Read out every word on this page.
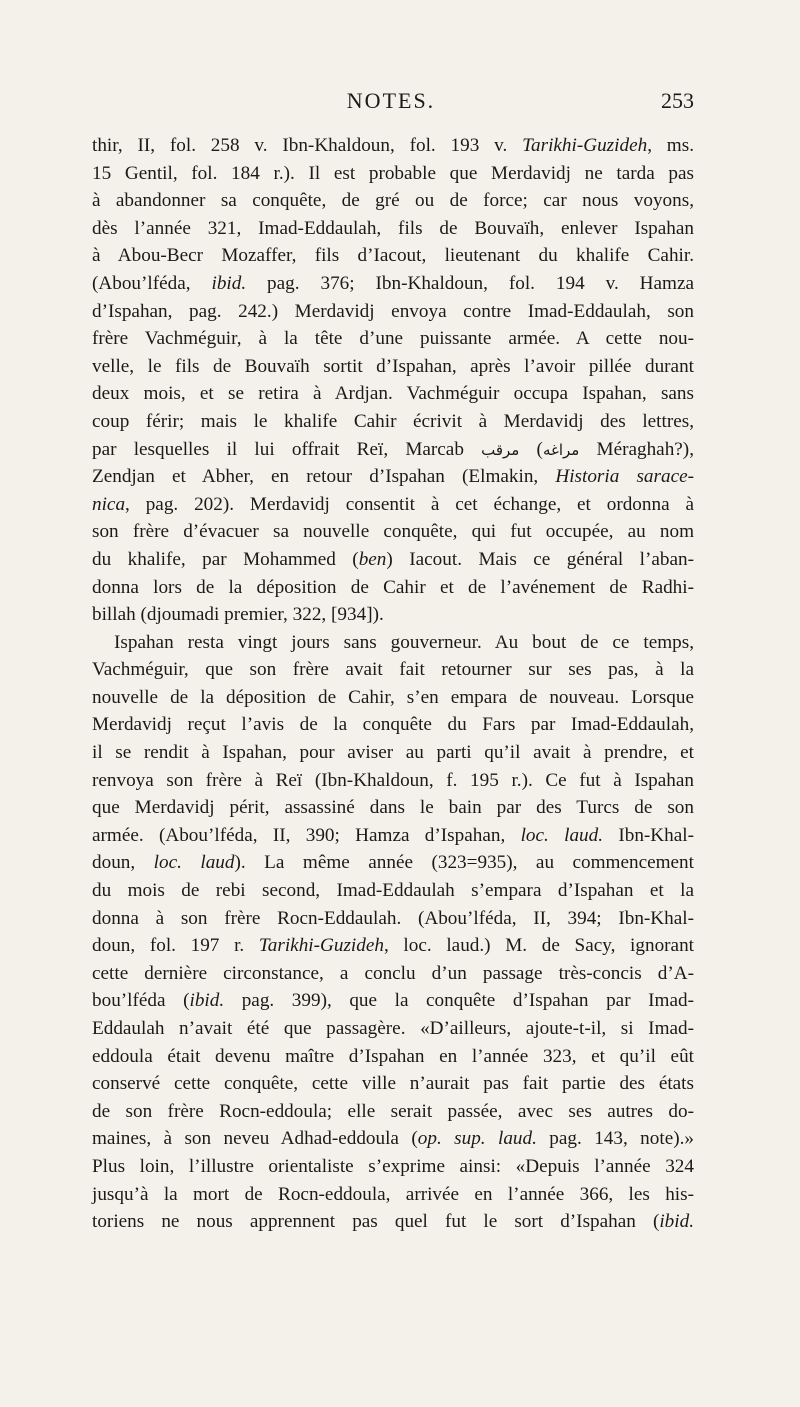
NOTES.	253
thir, II, fol. 258 v. Ibn-Khaldoun, fol. 193 v. Tarikhi-Guzideh, ms.
15 Gentil, fol. 184 r.). Il est probable que Merdavidj ne tarda pas
à abandonner sa conquête, de gré ou de force; car nous voyons,
dès l’année 321, Imad-Eddaulah, fils de Bouvaïh, enlever Ispahan
à Abou-Becr Mozaffer, fils d’Iacout, lieutenant du khalife Cahir.
(Abou’lféda, ibid. pag. 376; Ibn-Khaldoun, fol. 194 v. Hamza
d’Ispahan, pag. 242.) Merdavidj envoya contre Imad-Eddaulah, son
frère Vachméguir, à la tête d’une puissante armée. A cette nou-
velle, le fils de Bouvaïh sortit d’Ispahan, après l’avoir pillée durant
deux mois, et se retira à Ardjan. Vachméguir occupa Ispahan, sans
coup férir; mais le khalife Cahir écrivit à Merdavidj des lettres,
par lesquelles il lui offrait Reï, Marcab مرقب (مراغه Méraghah?),
Zendjan et Abher, en retour d’Ispahan (Elmakin, Historia sarace-
nica, pag. 202). Merdavidj consentit à cet échange, et ordonna à
son frère d’évacuer sa nouvelle conquête, qui fut occupée, au nom
du khalife, par Mohammed (ben) Iacout. Mais ce général l’aban-
donna lors de la déposition de Cahir et de l’avénement de Radhi-
billah (djoumadi premier, 322, [934]).
Ispahan resta vingt jours sans gouverneur. Au bout de ce temps,
Vachméguir, que son frère avait fait retourner sur ses pas, à la
nouvelle de la déposition de Cahir, s’en empara de nouveau. Lorsque
Merdavidj reçut l’avis de la conquête du Fars par Imad-Eddaulah,
il se rendit à Ispahan, pour aviser au parti qu’il avait à prendre, et
renvoya son frère à Reï (Ibn-Khaldoun, f. 195 r.). Ce fut à Ispahan
que Merdavidj périt, assassiné dans le bain par des Turcs de son
armée. (Abou’lféda, II, 390; Hamza d’Ispahan, loc. laud. Ibn-Khal-
doun, loc. laud). La même année (323=935), au commencement
du mois de rebi second, Imad-Eddaulah s’empara d’Ispahan et la
donna à son frère Rocn-Eddaulah. (Abou’lféda, II, 394; Ibn-Khal-
doun, fol. 197 r. Tarikhi-Guzideh, loc. laud.) M. de Sacy, ignorant
cette dernière circonstance, a conclu d’un passage très-concis d’A-
bou’lféda (ibid. pag. 399), que la conquête d’Ispahan par Imad-
Eddaulah n’avait été que passagère. «D’ailleurs, ajoute-t-il, si Imad-
eddoula était devenu maître d’Ispahan en l’année 323, et qu’il eût
conservé cette conquête, cette ville n’aurait pas fait partie des états
de son frère Rocn-eddoula; elle serait passée, avec ses autres do-
maines, à son neveu Adhad-eddoula (op. sup. laud. pag. 143, note).»
Plus loin, l’illustre orientaliste s’exprime ainsi: «Depuis l’année 324
jusqu’à la mort de Rocn-eddoula, arrivée en l’année 366, les his-
toriens ne nous apprennent pas quel fut le sort d’Ispahan (ibid.
